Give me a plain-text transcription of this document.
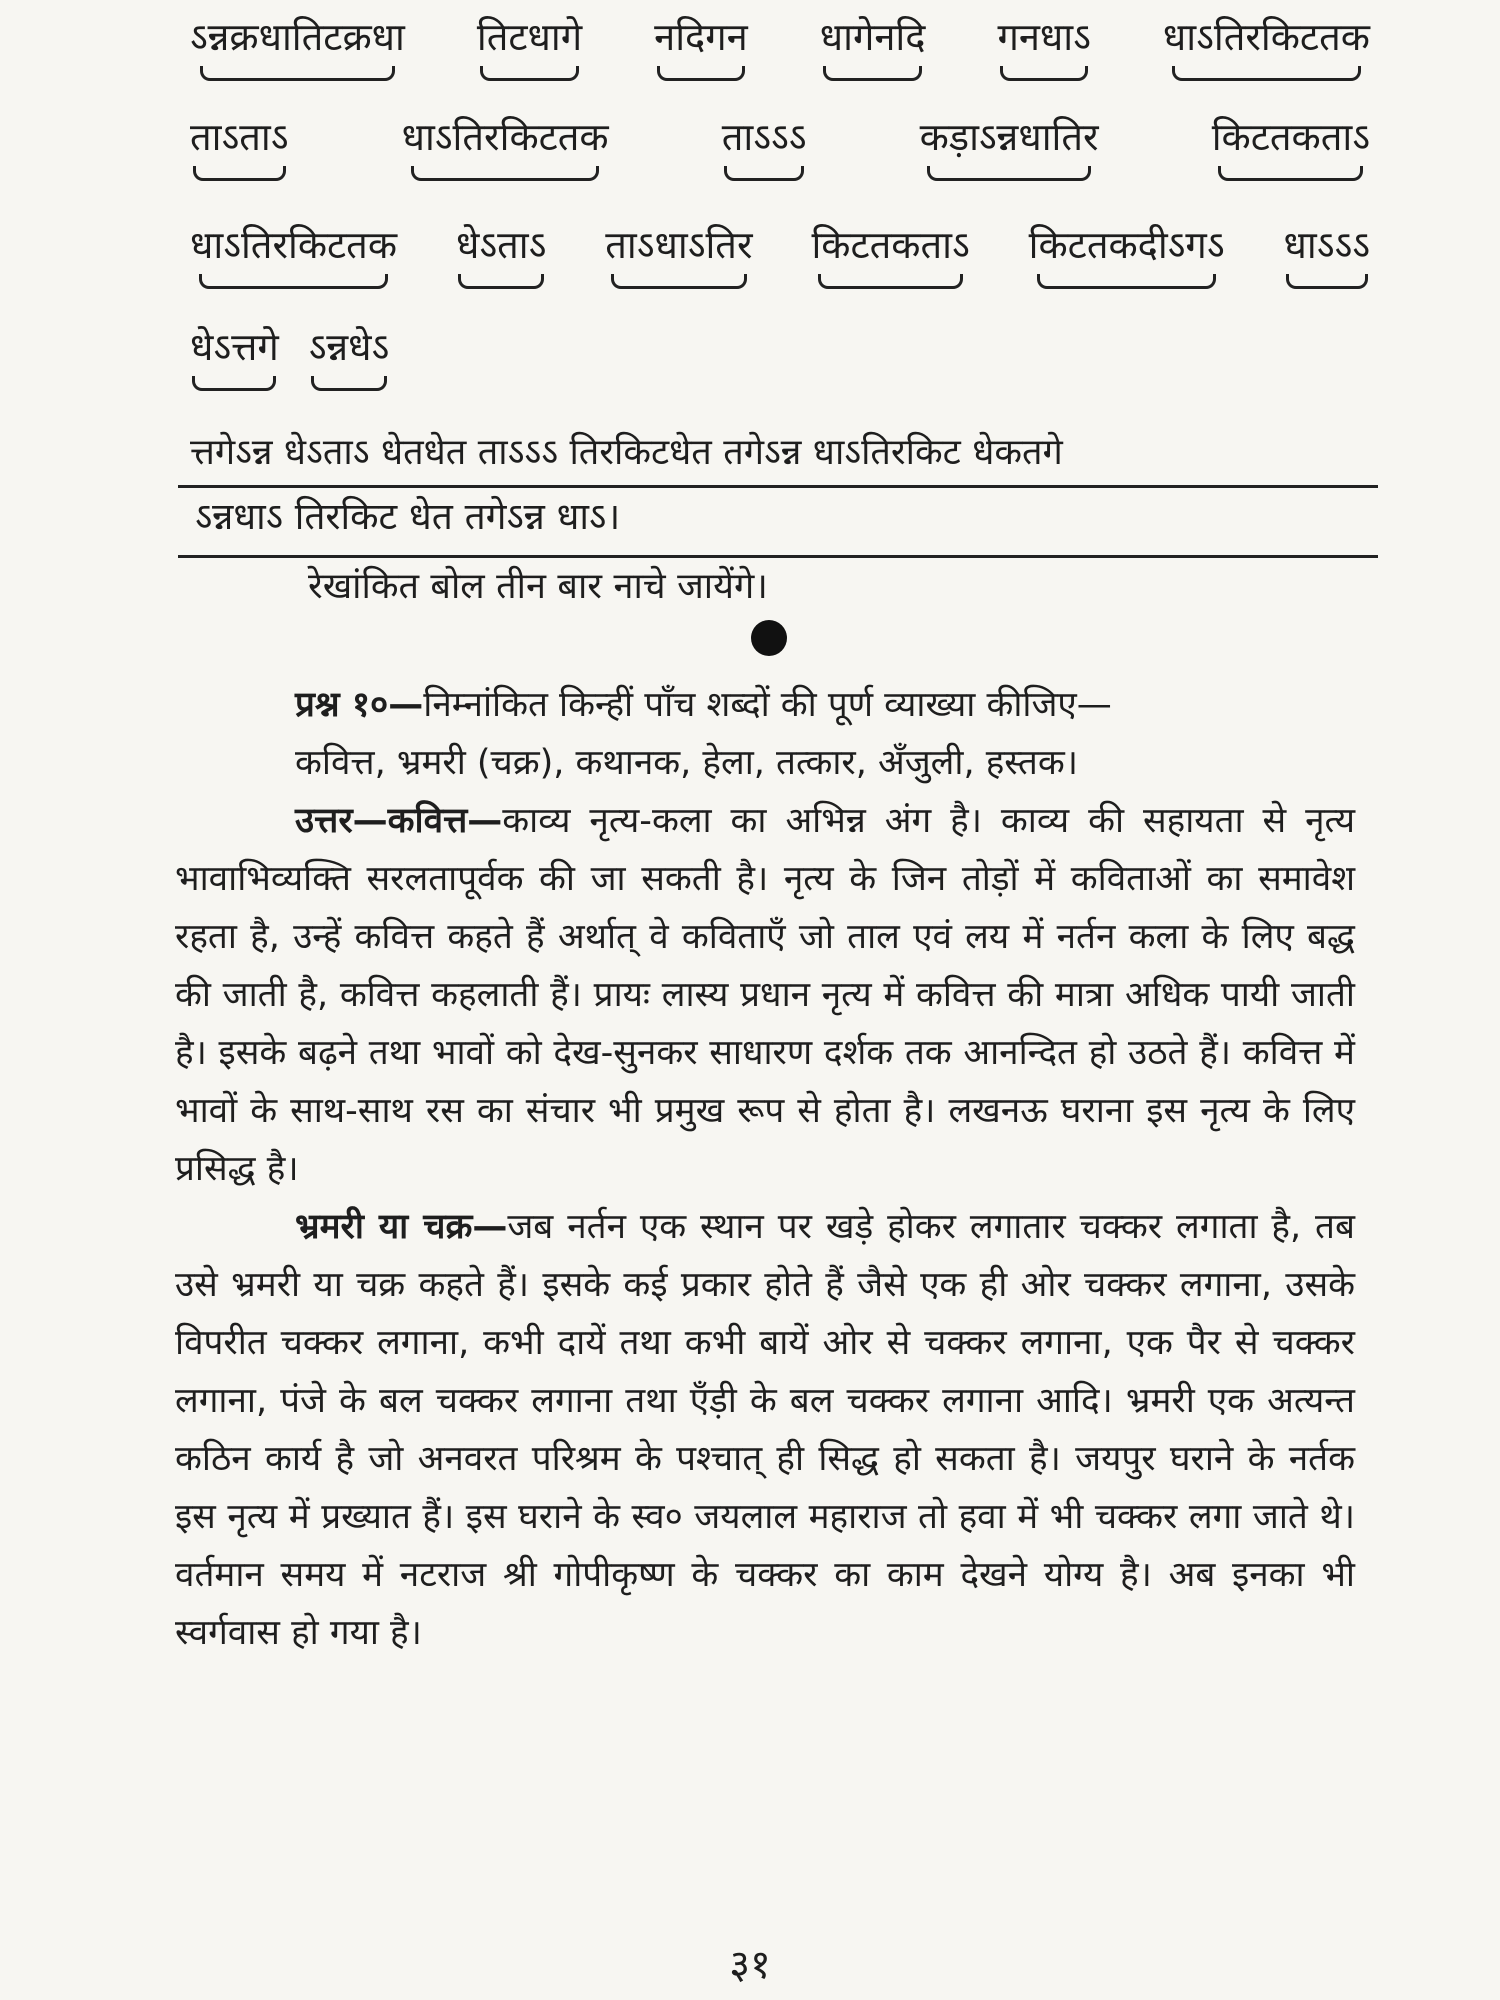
ऽन्नक्रधातिटक्रधा तिटधागे नदिगन धागेनदि गनधाऽ धाऽतिरकिटतक
ताऽताऽ	धाऽतिरकिटतक	ताऽऽऽ	कड़ाऽन्नधातिर	किटतकताऽ
धाऽतिरकिटतक धेऽताऽ ताऽधाऽतिर किटतकताऽ किटतकदीऽगऽ धाऽऽऽ
धेऽत्तगे ऽन्नधेऽ
त्तगेऽन्न धेऽताऽ धेतधेत ताऽऽऽ तिरकिटधेत तगेऽन्न धाऽतिरकिट धेकतगे
ऽन्नधाऽ तिरकिट धेत तगेऽन्न धाऽ।
रेखांकित बोल तीन बार नाचे जायेंगे।

प्रश्न १०—निम्नांकित किन्हीं पाँच शब्दों की पूर्ण व्याख्या कीजिए—

कवित्त, भ्रमरी (चक्र), कथानक, हेला, तत्कार, अँजुली, हस्तक।

उत्तर—कवित्त—काव्य नृत्य-कला का अभिन्न अंग है। काव्य की सहायता से नृत्य भावाभिव्यक्ति सरलतापूर्वक की जा सकती है। नृत्य के जिन तोड़ों में कविताओं का समावेश रहता है, उन्हें कवित्त कहते हैं अर्थात् वे कविताएँ जो ताल एवं लय में नर्तन कला के लिए बद्ध की जाती है, कवित्त कहलाती हैं। प्रायः लास्य प्रधान नृत्य में कवित्त की मात्रा अधिक पायी जाती है। इसके बढ़ने तथा भावों को देख-सुनकर साधारण दर्शक तक आनन्दित हो उठते हैं। कवित्त में भावों के साथ-साथ रस का संचार भी प्रमुख रूप से होता है। लखनऊ घराना इस नृत्य के लिए प्रसिद्ध है।

भ्रमरी या चक्र—जब नर्तन एक स्थान पर खड़े होकर लगातार चक्कर लगाता है, तब उसे भ्रमरी या चक्र कहते हैं। इसके कई प्रकार होते हैं जैसे एक ही ओर चक्कर लगाना, उसके विपरीत चक्कर लगाना, कभी दायें तथा कभी बायें ओर से चक्कर लगाना, एक पैर से चक्कर लगाना, पंजे के बल चक्कर लगाना तथा एँड़ी के बल चक्कर लगाना आदि। भ्रमरी एक अत्यन्त कठिन कार्य है जो अनवरत परिश्रम के पश्चात् ही सिद्ध हो सकता है। जयपुर घराने के नर्तक इस नृत्य में प्रख्यात हैं। इस घराने के स्व० जयलाल महाराज तो हवा में भी चक्कर लगा जाते थे। वर्तमान समय में नटराज श्री गोपीकृष्ण के चक्कर का काम देखने योग्य है। अब इनका भी स्वर्गवास हो गया है।

३१
